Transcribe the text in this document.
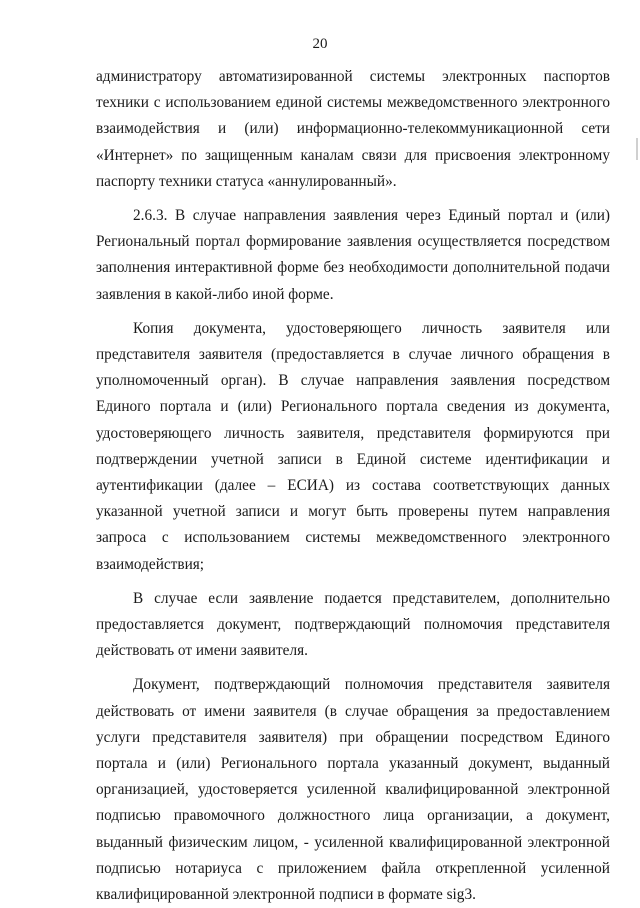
20

администратору автоматизированной системы электронных паспортов техники с использованием единой системы межведомственного электронного взаимодействия и (или) информационно-телекоммуникационной сети «Интернет» по защищенным каналам связи для присвоения электронному паспорту техники статуса «аннулированный».

2.6.3. В случае направления заявления через Единый портал и (или) Региональный портал формирование заявления осуществляется посредством заполнения интерактивной форме без необходимости дополнительной подачи заявления в какой-либо иной форме.

Копия документа, удостоверяющего личность заявителя или представителя заявителя (предоставляется в случае личного обращения в уполномоченный орган). В случае направления заявления посредством Единого портала и (или) Регионального портала сведения из документа, удостоверяющего личность заявителя, представителя формируются при подтверждении учетной записи в Единой системе идентификации и аутентификации (далее – ЕСИА) из состава соответствующих данных указанной учетной записи и могут быть проверены путем направления запроса с использованием системы межведомственного электронного взаимодействия;

В случае если заявление подается представителем, дополнительно предоставляется документ, подтверждающий полномочия представителя действовать от имени заявителя.

Документ, подтверждающий полномочия представителя заявителя действовать от имени заявителя (в случае обращения за предоставлением услуги представителя заявителя) при обращении посредством Единого портала и (или) Регионального портала указанный документ, выданный организацией, удостоверяется усиленной квалифицированной электронной подписью правомочного должностного лица организации, а документ, выданный физическим лицом, - усиленной квалифицированной электронной подписью нотариуса с приложением файла открепленной усиленной квалифицированной электронной подписи в формате sig3.
